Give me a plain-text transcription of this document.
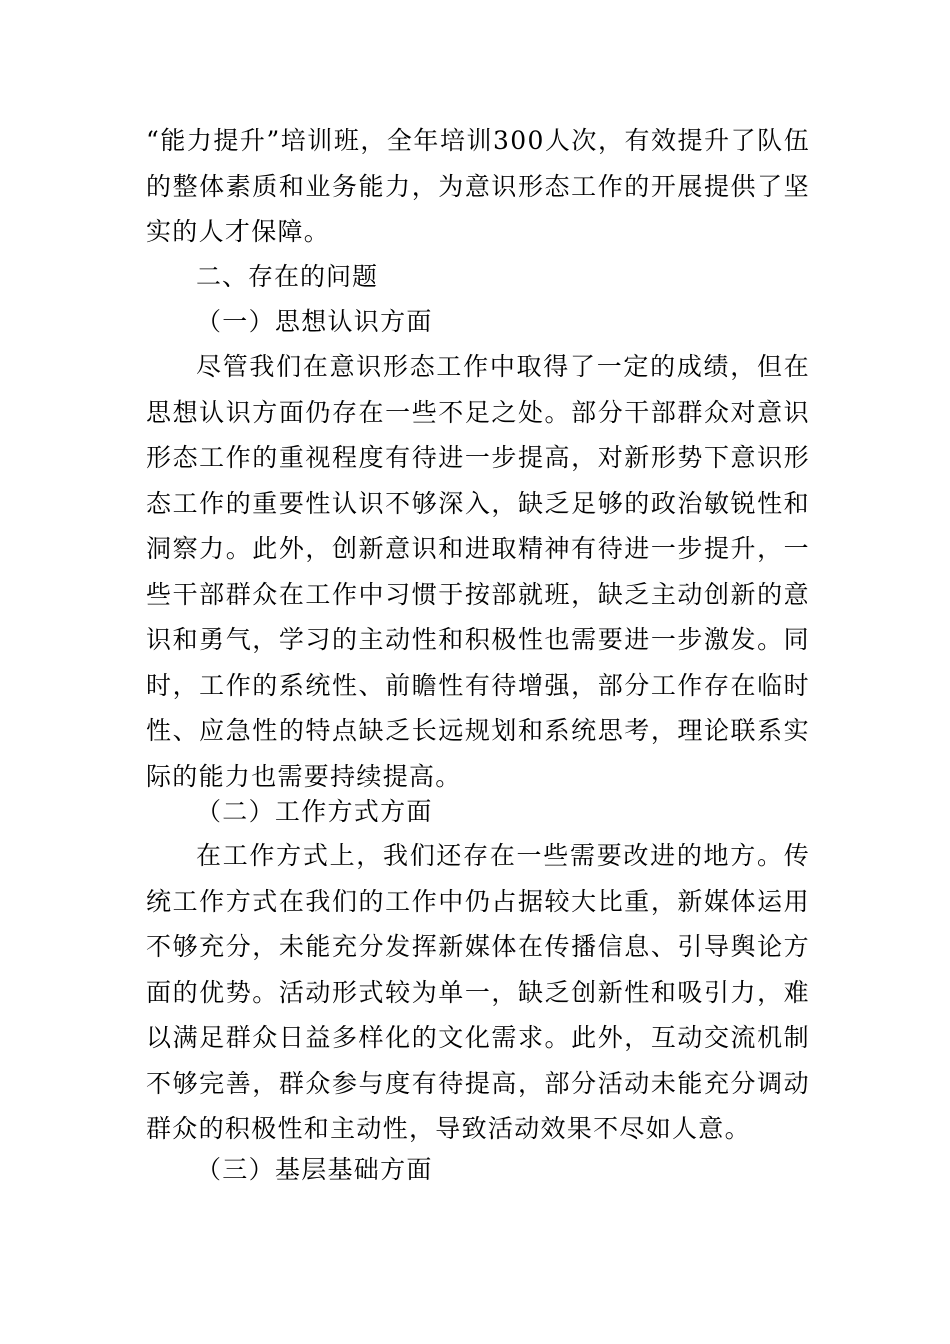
“能力提升”培训班，全年培训300人次，有效提升了队伍的整体素质和业务能力，为意识形态工作的开展提供了坚实的人才保障。

二、存在的问题

（一）思想认识方面

尽管我们在意识形态工作中取得了一定的成绩，但在思想认识方面仍存在一些不足之处。部分干部群众对意识形态工作的重视程度有待进一步提高，对新形势下意识形态工作的重要性认识不够深入，缺乏足够的政治敏锐性和洞察力。此外，创新意识和进取精神有待进一步提升，一些干部群众在工作中习惯于按部就班，缺乏主动创新的意识和勇气，学习的主动性和积极性也需要进一步激发。同时，工作的系统性、前瞻性有待增强，部分工作存在临时性、应急性的特点缺乏长远规划和系统思考，理论联系实际的能力也需要持续提高。

（二）工作方式方面

在工作方式上，我们还存在一些需要改进的地方。传统工作方式在我们的工作中仍占据较大比重，新媒体运用不够充分，未能充分发挥新媒体在传播信息、引导舆论方面的优势。活动形式较为单一，缺乏创新性和吸引力，难以满足群众日益多样化的文化需求。此外，互动交流机制不够完善，群众参与度有待提高，部分活动未能充分调动群众的积极性和主动性，导致活动效果不尽如人意。

（三）基层基础方面
